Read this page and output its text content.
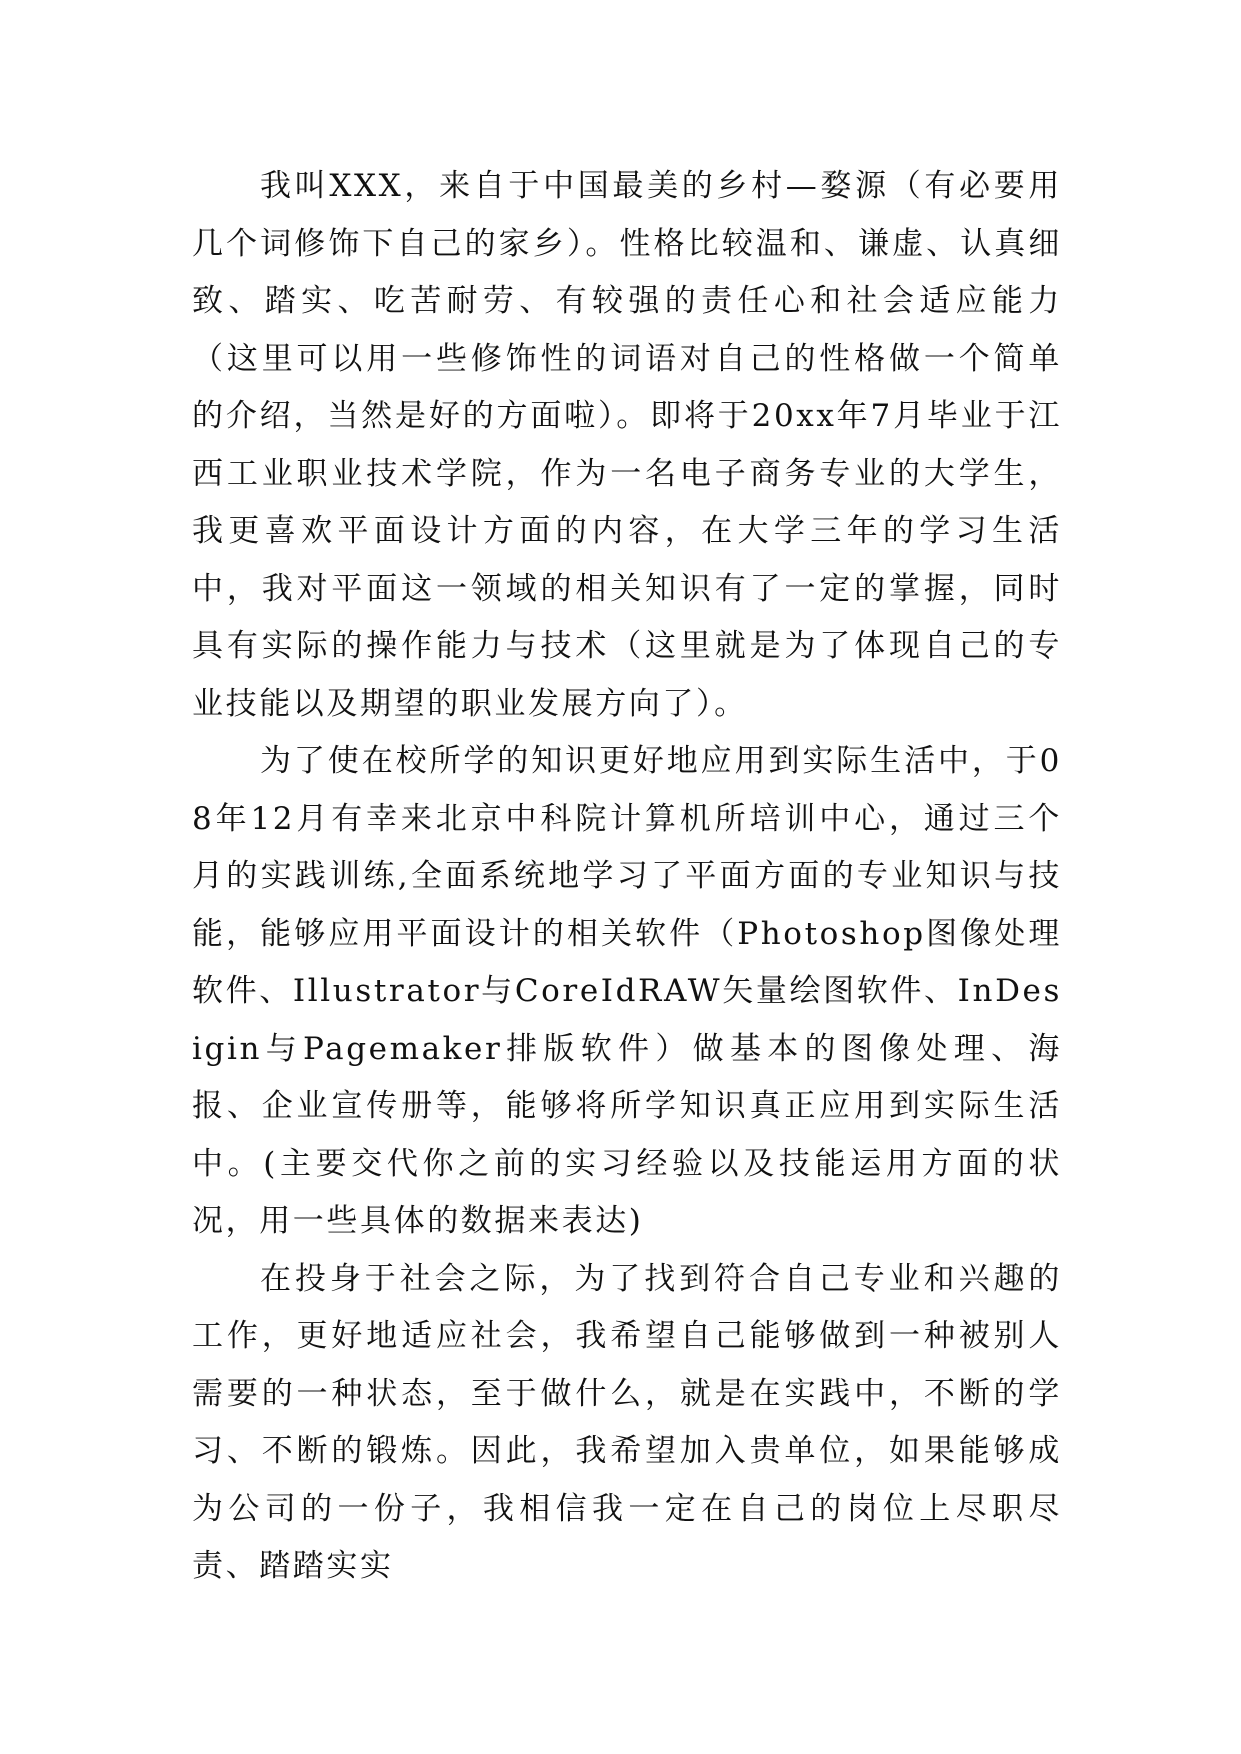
我叫XXX，来自于中国最美的乡村—婺源（有必要用几个词修饰下自己的家乡）。性格比较温和、谦虚、认真细致、踏实、吃苦耐劳、有较强的责任心和社会适应能力（这里可以用一些修饰性的词语对自己的性格做一个简单的介绍，当然是好的方面啦）。即将于20xx年7月毕业于江西工业职业技术学院，作为一名电子商务专业的大学生，我更喜欢平面设计方面的内容，在大学三年的学习生活中，我对平面这一领域的相关知识有了一定的掌握，同时具有实际的操作能力与技术（这里就是为了体现自己的专业技能以及期望的职业发展方向了）。

为了使在校所学的知识更好地应用到实际生活中，于08年12月有幸来北京中科院计算机所培训中心，通过三个月的实践训练,全面系统地学习了平面方面的专业知识与技能，能够应用平面设计的相关软件（Photoshop图像处理软件、Illustrator与CoreIdRAW矢量绘图软件、InDesigin与Pagemaker排版软件）做基本的图像处理、海报、企业宣传册等，能够将所学知识真正应用到实际生活中。(主要交代你之前的实习经验以及技能运用方面的状况，用一些具体的数据来表达)

在投身于社会之际，为了找到符合自己专业和兴趣的工作，更好地适应社会，我希望自己能够做到一种被别人需要的一种状态，至于做什么，就是在实践中，不断的学习、不断的锻炼。因此，我希望加入贵单位，如果能够成为公司的一份子，我相信我一定在自己的岗位上尽职尽责、踏踏实实
